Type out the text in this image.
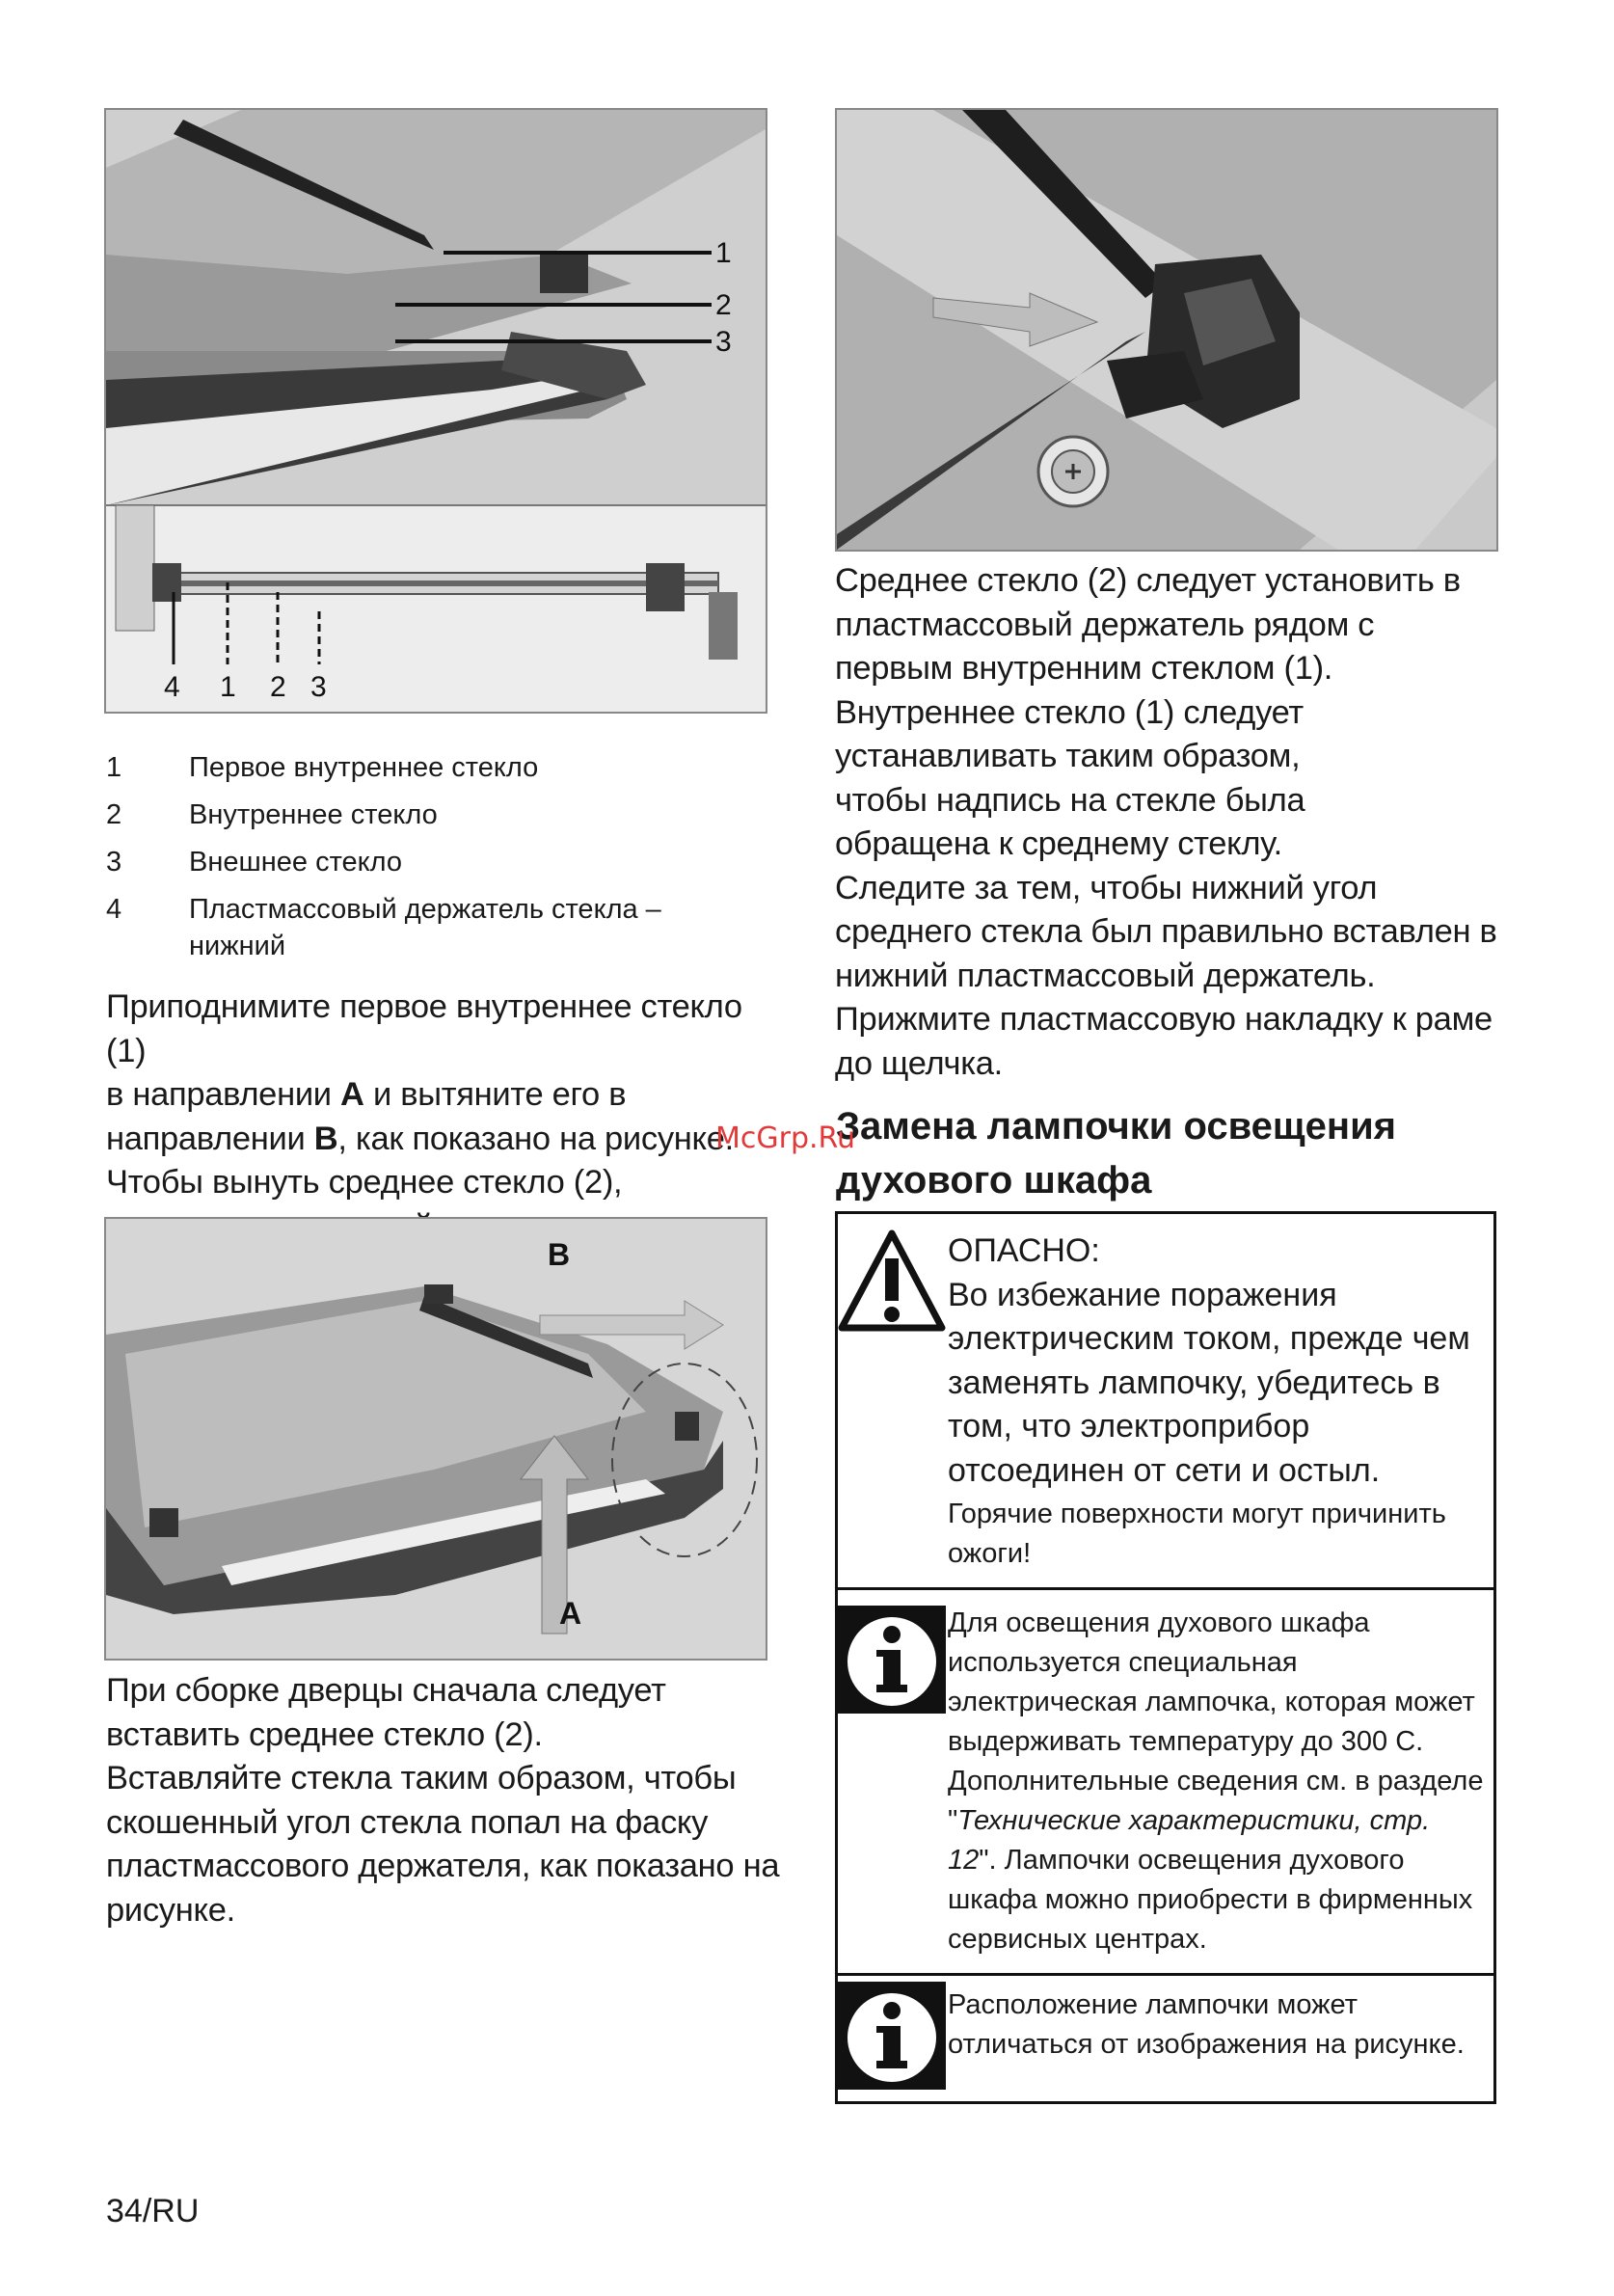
1
2
3
4 1 2 3
1	Первое внутреннее стекло
2	Внутреннее стекло
3	Внешнее стекло
4	Пластмассовый держатель стекла – нижний

Приподнимите первое внутреннее стекло (1)

в направлении A и вытяните его в

направлении B, как показано на рисунке.

Чтобы вынуть среднее стекло (2),

B
A

При сборке дверцы сначала следует вставить среднее стекло (2).

Вставляйте стекла таким образом, чтобы скошенный угол стекла попал на фаску пластмассового держателя, как показано на рисунке.

Среднее стекло (2) следует установить в пластмассовый держатель рядом с первым внутренним стеклом (1).

Внутреннее стекло (1) следует устанавливать таким образом, чтобы надпись на стекле была обращена к среднему стеклу.

Следите за тем, чтобы нижний угол среднего стекла был правильно вставлен в нижний пластмассовый держатель.

Прижмите пластмассовую накладку к раме до щелчка.

Замена лампочки освещения духового шкафа
McGrp.Ru
ОПАСНО:
Во избежание поражения электрическим током, прежде чем заменять лампочку, убедитесь в том, что электроприбор отсоединен от сети и остыл.
Горячие поверхности могут причинить ожоги!
Для освещения духового шкафа используется специальная электрическая лампочка, которая может выдерживать температуру до 300 С. Дополнительные сведения см. в разделе "Технические характеристики, стр. 12". Лампочки освещения духового шкафа можно приобрести в фирменных сервисных центрах.
Расположение лампочки может отличаться от изображения на рисунке.
34/RU
